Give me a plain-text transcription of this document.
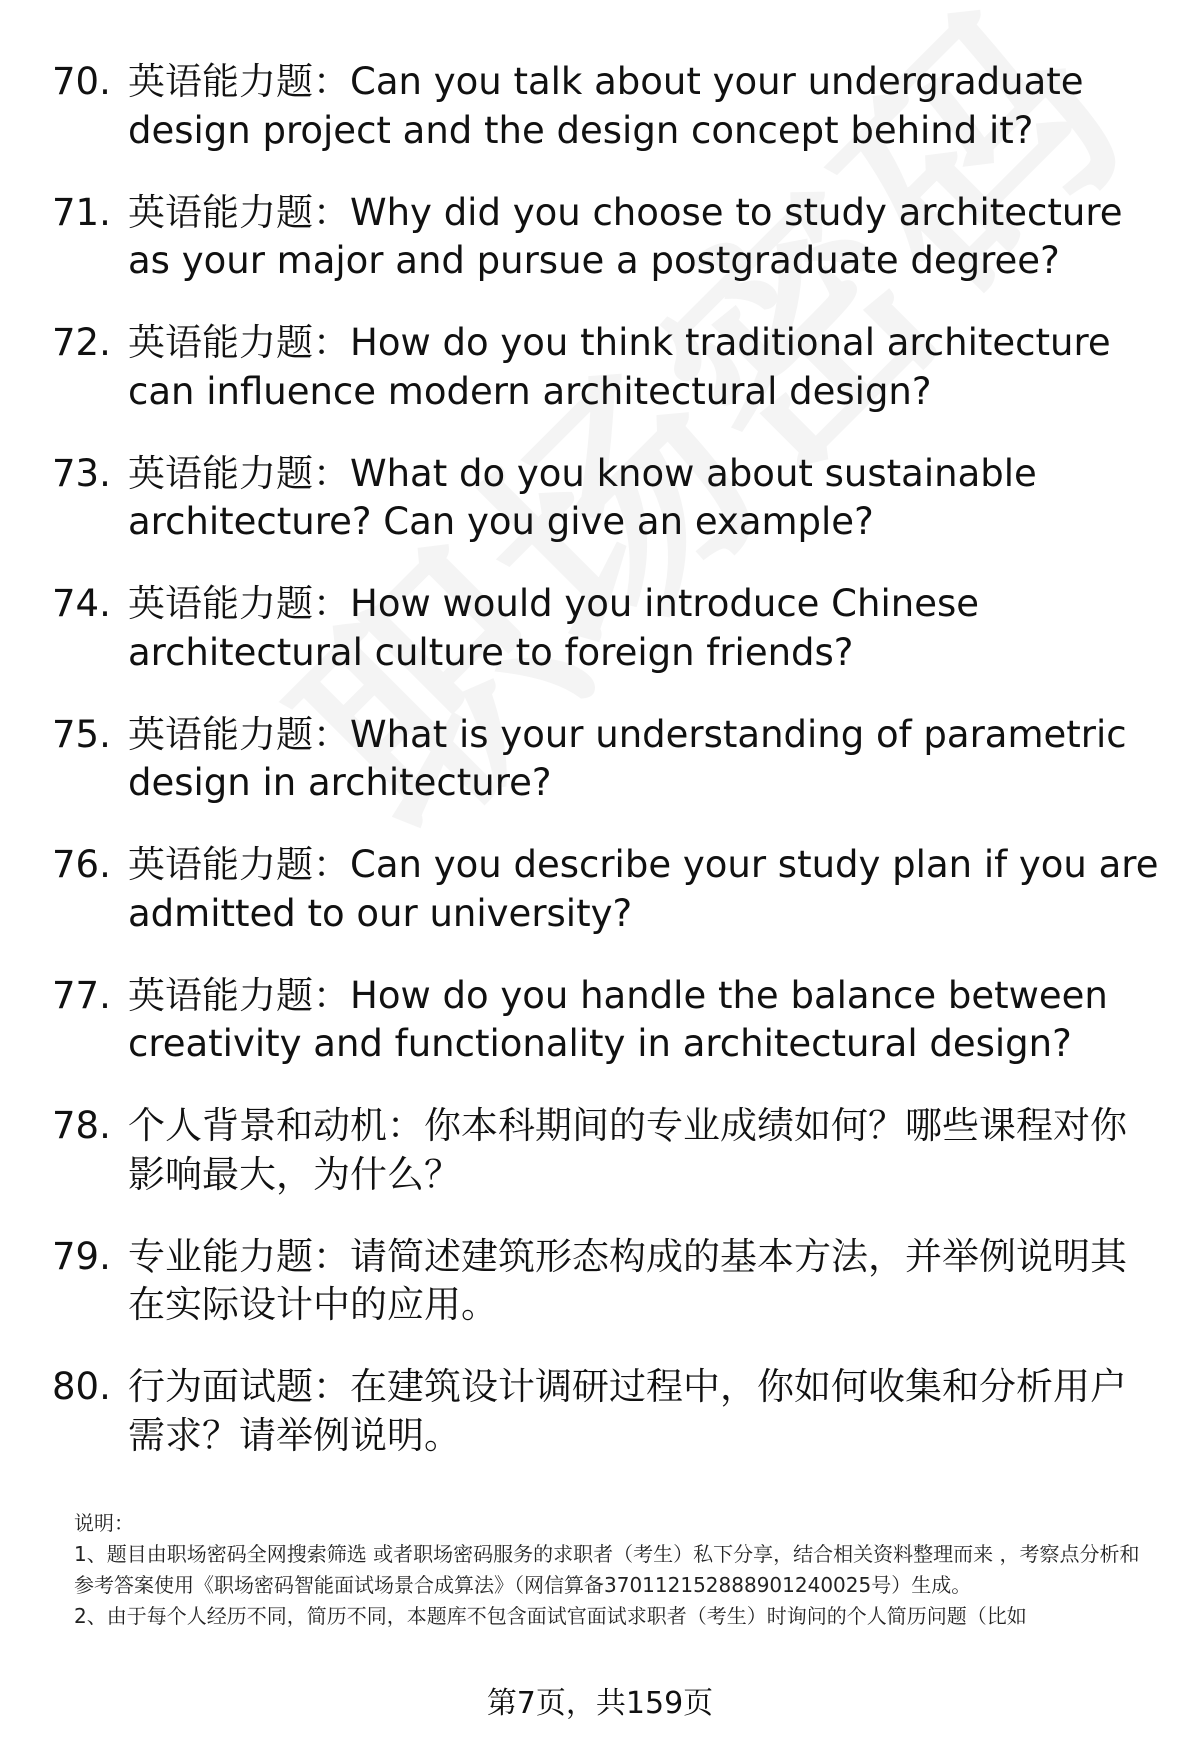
70. 英语能力题：Can you talk about your undergraduate design project and the design concept behind it?
71. 英语能力题：Why did you choose to study architecture as your major and pursue a postgraduate degree?
72. 英语能力题：How do you think traditional architecture can influence modern architectural design?
73. 英语能力题：What do you know about sustainable architecture? Can you give an example?
74. 英语能力题：How would you introduce Chinese architectural culture to foreign friends?
75. 英语能力题：What is your understanding of parametric design in architecture?
76. 英语能力题：Can you describe your study plan if you are admitted to our university?
77. 英语能力题：How do you handle the balance between creativity and functionality in architectural design?
78. 个人背景和动机：你本科期间的专业成绩如何？哪些课程对你影响最大，为什么？
79. 专业能力题：请简述建筑形态构成的基本方法，并举例说明其在实际设计中的应用。
80. 行为面试题：在建筑设计调研过程中，你如何收集和分析用户需求？请举例说明。

说明：

1、题目由职场密码全网搜索筛选 或者职场密码服务的求职者（考生）私下分享，结合相关资料整理而来 ，考察点分析和参考答案使用《职场密码智能面试场景合成算法》（网信算备370112152888901240025号）生成。

2、由于每个人经历不同，简历不同，本题库不包含面试官面试求职者（考生）时询问的个人简历问题（比如

第7页，共159页
